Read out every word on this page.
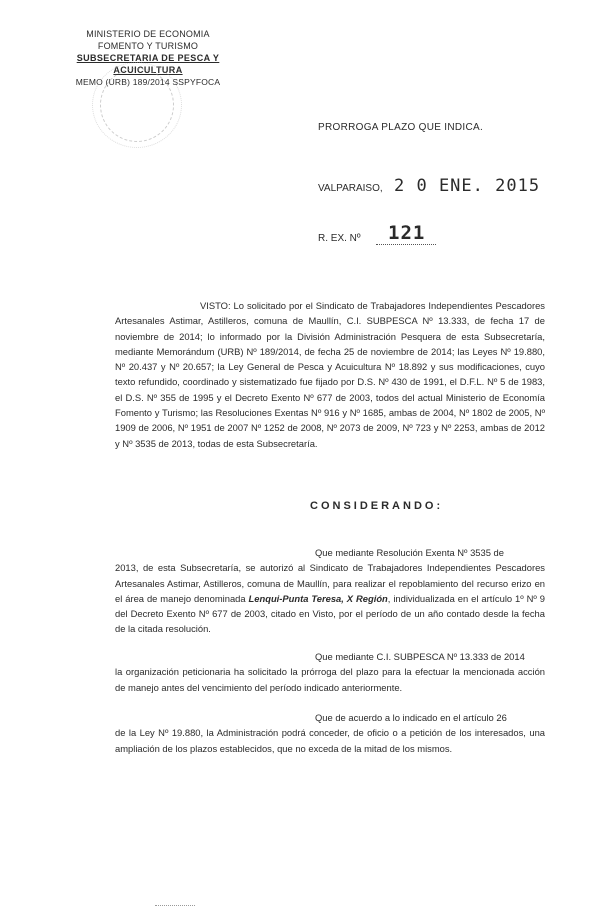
MINISTERIO DE ECONOMIA
FOMENTO Y TURISMO
SUBSECRETARIA DE PESCA Y ACUICULTURA
MEMO (URB) 189/2014 SSPYFOCA
PRORROGA PLAZO QUE INDICA.
VALPARAISO, 2 0 ENE. 2015
R. EX. Nº 121
VISTO: Lo solicitado por el Sindicato de Trabajadores Independientes Pescadores Artesanales Astimar, Astilleros, comuna de Maullín, C.I. SUBPESCA Nº 13.333, de fecha 17 de noviembre de 2014; lo informado por la División Administración Pesquera de esta Subsecretaría, mediante Memorándum (URB) Nº 189/2014, de fecha 25 de noviembre de 2014; las Leyes Nº 19.880, Nº 20.437 y Nº 20.657; la Ley General de Pesca y Acuicultura Nº 18.892 y sus modificaciones, cuyo texto refundido, coordinado y sistematizado fue fijado por D.S. Nº 430 de 1991, el D.F.L. Nº 5 de 1983, el D.S. Nº 355 de 1995 y el Decreto Exento Nº 677 de 2003, todos del actual Ministerio de Economía Fomento y Turismo; las Resoluciones Exentas Nº 916 y Nº 1685, ambas de 2004, Nº 1802 de 2005, Nº 1909 de 2006, Nº 1951 de 2007 Nº 1252 de 2008, Nº 2073 de 2009, Nº 723 y Nº 2253, ambas de 2012 y Nº 3535 de 2013, todas de esta Subsecretaría.
CONSIDERANDO:
Que mediante Resolución Exenta Nº 3535 de
2013, de esta Subsecretaría, se autorizó al Sindicato de Trabajadores Independientes Pescadores Artesanales Astimar, Astilleros, comuna de Maullín, para realizar el repoblamiento del recurso erizo en el área de manejo denominada Lenqui-Punta Teresa, X Región, individualizada en el artículo 1º Nº 9 del Decreto Exento Nº 677 de 2003, citado en Visto, por el período de un año contado desde la fecha de la citada resolución.
Que mediante C.I. SUBPESCA Nº 13.333 de 2014
la organización peticionaria ha solicitado la prórroga del plazo para la efectuar la mencionada acción de manejo antes del vencimiento del período indicado anteriormente.
Que de acuerdo a lo indicado en el artículo 26
de la Ley Nº 19.880, la Administración podrá conceder, de oficio o a petición de los interesados, una ampliación de los plazos establecidos, que no exceda de la mitad de los mismos.
